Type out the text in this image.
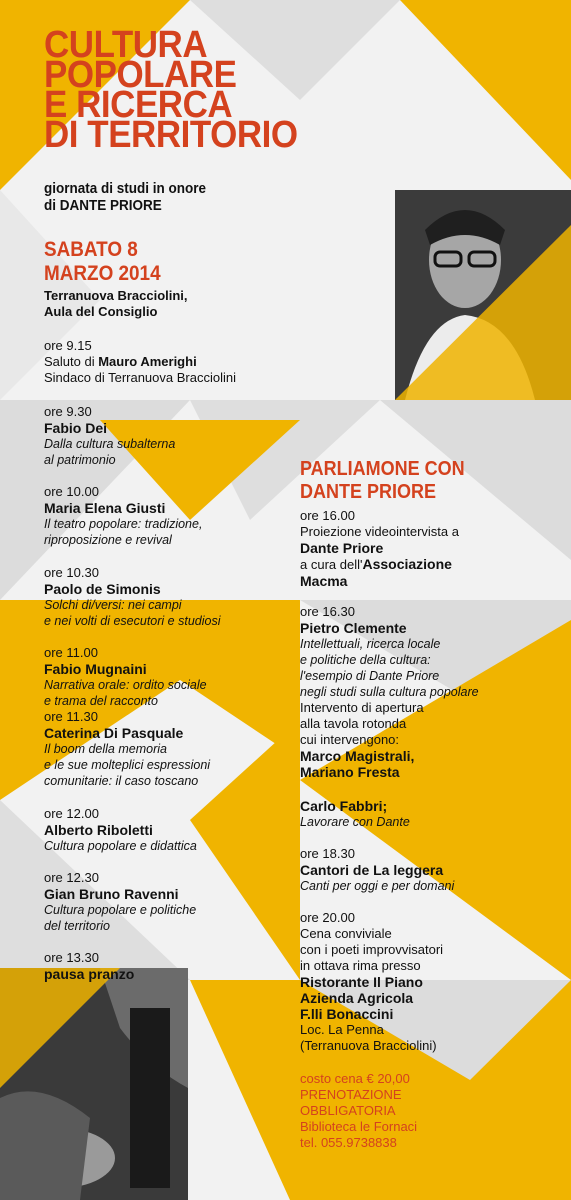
CULTURA
POPOLARE
E RICERCA
DI TERRITORIO
giornata di studi in onore
di DANTE PRIORE
SABATO 8
MARZO 2014
Terranuova Bracciolini,
Aula del Consiglio
ore 9.15
Saluto di Mauro Amerighi
Sindaco di Terranuova Bracciolini
ore 9.30
Fabio Dei
Dalla cultura subalterna
al patrimonio
ore 10.00
Maria Elena Giusti
Il teatro popolare: tradizione,
riproposizione e revival
ore 10.30
Paolo de Simonis
Solchi di/versi: nei campi
e nei volti di esecutori e studiosi
ore 11.00
Fabio Mugnaini
Narrativa orale: ordito sociale
e trama del racconto
ore 11.30
Caterina Di Pasquale
Il boom della memoria
e le sue molteplici espressioni
comunitarie: il caso toscano
ore 12.00
Alberto Riboletti
Cultura popolare e didattica
ore 12.30
Gian Bruno Ravenni
Cultura popolare e politiche
del territorio
ore 13.30
pausa pranzo
PARLIAMONE CON
DANTE PRIORE
ore 16.00
Proiezione videointervista a
Dante Priore
a cura dell'Associazione
Macma
ore 16.30
Pietro Clemente
Intellettuali, ricerca locale
e politiche della cultura:
l'esempio di Dante Priore
negli studi sulla cultura popolare
Intervento di apertura
alla tavola rotonda
cui intervengono:
Marco Magistrali,
Mariano Fresta
Carlo Fabbri;
Lavorare con Dante
ore 18.30
Cantori de La leggera
Canti per oggi e per domani
ore 20.00
Cena conviviale
con i poeti improvvisatori
in ottava rima presso
Ristorante Il Piano
Azienda Agricola
F.lli Bonaccini
Loc. La Penna
(Terranuova Bracciolini)
costo cena € 20,00
PRENOTAZIONE
OBBLIGATORIA
Biblioteca le Fornaci
tel. 055.9738838
